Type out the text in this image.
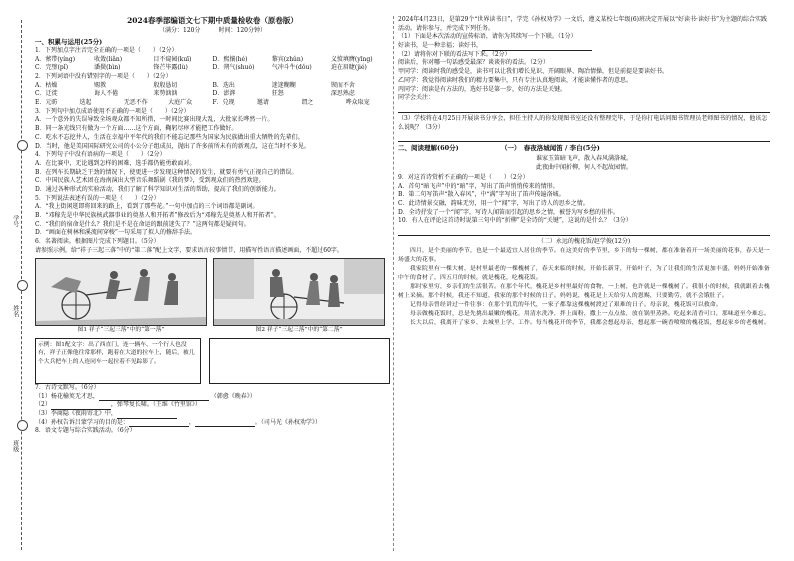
学号
姓名
班级
2024春季部编语文七下期中质量检收卷（原卷版）
（满分：120分　　　时间：120分钟）
一、积累与运用(25分)

1．下列加点字注音完全正确的一项是（　　）（2分）

A．萦带(yíng)	收敛(liǎn)	目不窥园(kuī)	D．熙攘(hé)	黎宾(zhǔn)	义愤填膺(yīng)
C．完璧(pǐ)	潘鬓(bìn)	锋芒毕露(lù)	D．朔气(shuò)	气冲斗牛(dǒu)	迫在眉睫(jié)

2．下列词语中没有错别字的一项是（　　）（2分）

A．枯燥	赐教	殷殷恳切	B．迭出	迷迷糊糊	锲而不舍
C．迁徙	诲人不倦	来势汹汹	D．澎湃	狂怒	深思熟虑
E．元昉	迭起	无恶不作	大庭广众	F．兑现	邀请	谓之	哗众取宠

3．下列句中加点成语使用不正确的一项是（　　）（2分）

A．一个意外的失误导致全场观众都不知所措，一时间比赛出现大乱，大批家长哗然一片。

B．同一条光线只有做为一个方面……这个方面，鞠躬尽瘁才能把工作做好。

C．吃水不忘挖井人，生活在幸福中平年代的我们不能忘记那些为国家为民族做出重大牺牲的先辈们。

D．当时，他是美国国际研究公司的小公分子组成员，抛出了许多前所未有的新观点，这在当时不多见。

4．下列句子中没有语病的一项是（　　）（2分）

A．在比赛中，无论遇到怎样的困难，选手都仍能勇敢面对。

B．在列车长期缺乏干劲的情况下，使更进一步发现这种情况的发生，就要有勇气正视自己的错误。

C．中国民族人艺术团在海南演出大型音乐舞蹈剧《我的梦》，受到观众们的热烈欢迎。

D．通过各种形式的实验活动，我们了解了科学知识对生活的帮助，提高了我们的创新能力。

5．下列说法表述有误的一项是（　　）（2分）

A．“我上街闲逛即将回来的路上，看到了那些花。”一句中加点的三个词语都是副词。

B．“邓稼先是中华民族核武器事业的奠基人和开拓者”修改后为“邓稼先是奠基人和开拓者”。

C．“我们的宿命是什么？我们是不是在命运的跟前迷失了？”这两句都是疑问句。

D．“画面在树林和溪流间穿梭”一句采用了拟人的修辞手法。

6．名著阅读。根据图片完成下列题目。（5分）

请参照示例，给“祥子三起三落”中的“第二落”配上文字，要求语言较事情节，用描写性语言描述画面，不超过60字。

图1 祥子“三起三落”中的“第一落”	图2 祥子“三起三落”中的“第二落”
示例：图1配文字：出了西直门，连一辆车、一个行人也没有，祥子正像他往常那样，跑着在大道的拉车上，随后，被几个大兵把车上的人连同车一起拉着不见踪影了。

7．古诗文默写。（6分）

（1）杨花榆荚无才思，	（韩愈《晚春》）

（2）	，弹琴复长啸。（王维《竹里馆》）

（3）李商隐《夜雨寄北》中，

（4）孙权告诉吕蒙学习的目的是：	，	。（司马光《孙权劝学》）

8．语文专题与综合实践活动。（6分）

2024年4月23日，是第29个“世界读书日”，学完《孙权劝学》一文后，遵义某校七年级(6)班决定开展以“好读书·读好书”为主题的综合实践活动。请你参与，并完成下列任务。

（1）下面是本次活动的宣传标语，请你为其续写一个下联。（1分）

好读书，是一种幸福；读好书，

（2）请将你对下联的看法写下来。（2分）

阅读后，你对哪一句话感受最深？谈谈你的看法。（2分）

甲同学：阅读时我的感受是，读书可以让我们增长见识、开阔眼界、陶冶情操，但是前提是要读好书。

乙同学：我觉得阅读时我们的精力要集中，只有专注认真地阅读，才能读懂作者的意思。

丙同学：阅读是有方法的，选好书是第一步，好的方法是关键。

同学会关注：

（3）学校将在4月25日开展读书分享会，担任主持人的你发现图书室还没有整理完毕，于是你打电话问图书管理员老师图书的情况，他该怎么说呢？（3分）

二、阅读理解(60分)	（一）　春夜洛城闻笛 / 李白(5分)

谁家玉笛暗飞声，散入春风满洛城。

此夜曲中闻折柳，何人不起故园情。

9．对这首诗赏析不正确的一项是（　　）（2分）

A．首句“暗飞声”中的“暗”字，写出了笛声悄悄传来的情形。

B．第二句写笛声“散入春风”，中“满”字写出了笛声传遍洛城。

C．此诗情景交融，韵味无穷，用一个“闻”字，写出了诗人的思乡之情。

D．全诗抒发了一个“闻”字，写诗人闻笛而引起的思乡之情，被誉为写乡愁的佳作。

10．有人在评论这首诗时说第三句中的“折柳”是全诗的“关键”，这说的是什么？（3分）

（二）永远的槐花饭/赵学俊(12分)

四月，是个美丽的季节，也是一个最适宜人居住的季节。在这美好的季节里，乡下的每一棵树，都在准备着开一场美丽的花事，春天是一场盛大的花事。

我家院里有一棵大树，是村里最老的一棵槐树了，春天来临的时候，开始长新芽，开始叶子，为了让我们的生活更加丰盛，妈妈开始准备中午的食材了，四五月的时候，就是槐花，吃槐花饭。

那时家里穷，乡亲们的生活很苦。在那个年代，槐花是乡村里最好的食物，一上树，也许就是一棵槐树了。我很小的时候，我就跟着去槐树上采摘。那个时候，我还不知道，我家的那个时候的日子。妈妈说，槐花是上天给穷人的恩赐，只要勤劳，就不会饿肚子。

记得母亲曾经讲过一件往事：在那个饥荒的年代，一家子都靠这棵槐树渡过了艰难的日子。母亲说，槐花饭可以救命。

母亲做槐花饭时，总是先挑出最嫩的槐花，用清水洗净，拌上面粉，撒上一点点盐，放在锅里蒸熟。吃起来清香可口，那味道至今难忘。

长大以后，我离开了家乡，去城里上学、工作。每当槐花开的季节，我都会想起母亲，想起那一碗香喷喷的槐花饭，想起家乡的老槐树。
